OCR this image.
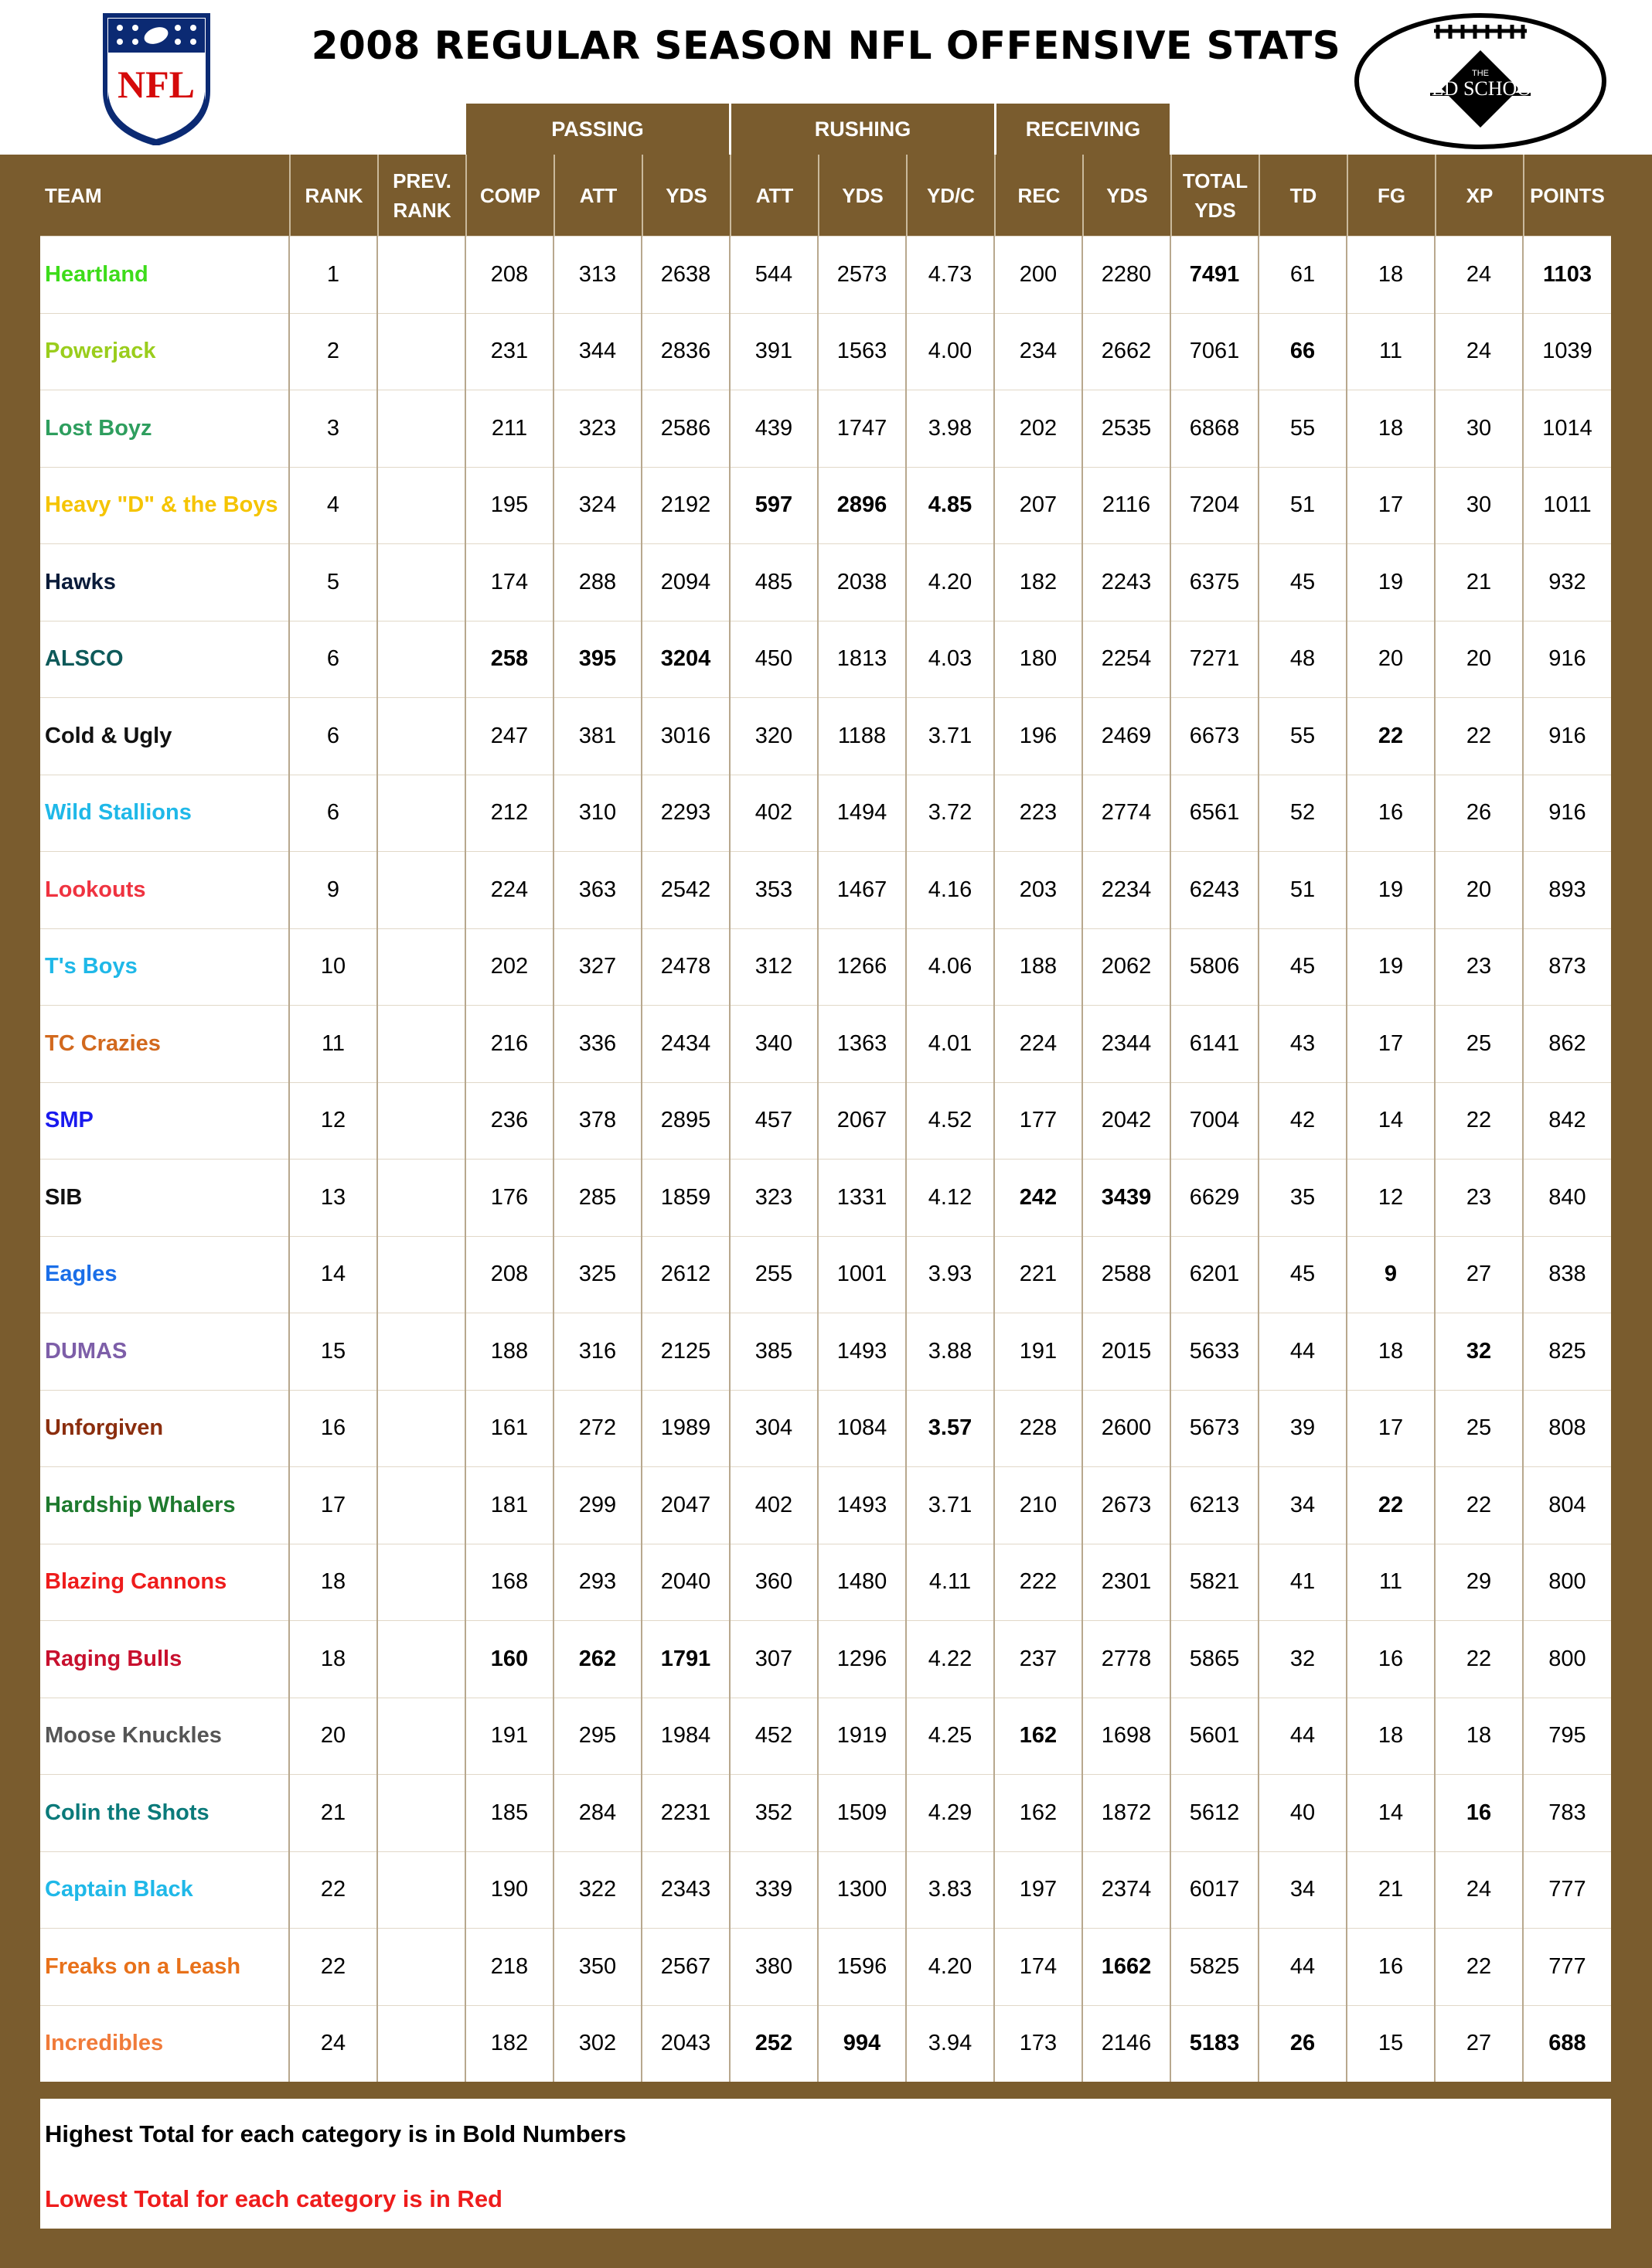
NFL
2008 REGULAR SEASON NFL OFFENSIVE STATS
THE
OLD SCHOOL
PASSING	RUSHING	RECEIVING
TEAM	RANK
PREV.
RANK
COMP	ATT	YDS	ATT	YDS	YD/C	REC	YDS
TOTAL
YDS
TD	FG	XP	POINTS
Heartland	1		208	313	2638	544	2573	4.73	200	2280	7491	61	18	24	1103
Powerjack	2		231	344	2836	391	1563	4.00	234	2662	7061	66	11	24	1039
Lost Boyz	3		211	323	2586	439	1747	3.98	202	2535	6868	55	18	30	1014
Heavy "D" & the Boys	4		195	324	2192	597	2896	4.85	207	2116	7204	51	17	30	1011
Hawks	5		174	288	2094	485	2038	4.20	182	2243	6375	45	19	21	932
ALSCO	6		258	395	3204	450	1813	4.03	180	2254	7271	48	20	20	916
Cold & Ugly	6		247	381	3016	320	1188	3.71	196	2469	6673	55	22	22	916
Wild Stallions	6		212	310	2293	402	1494	3.72	223	2774	6561	52	16	26	916
Lookouts	9		224	363	2542	353	1467	4.16	203	2234	6243	51	19	20	893
T's Boys	10		202	327	2478	312	1266	4.06	188	2062	5806	45	19	23	873
TC Crazies	11		216	336	2434	340	1363	4.01	224	2344	6141	43	17	25	862
SMP	12		236	378	2895	457	2067	4.52	177	2042	7004	42	14	22	842
SIB	13		176	285	1859	323	1331	4.12	242	3439	6629	35	12	23	840
Eagles	14		208	325	2612	255	1001	3.93	221	2588	6201	45	9	27	838
DUMAS	15		188	316	2125	385	1493	3.88	191	2015	5633	44	18	32	825
Unforgiven	16		161	272	1989	304	1084	3.57	228	2600	5673	39	17	25	808
Hardship Whalers	17		181	299	2047	402	1493	3.71	210	2673	6213	34	22	22	804
Blazing Cannons	18		168	293	2040	360	1480	4.11	222	2301	5821	41	11	29	800
Raging Bulls	18		160	262	1791	307	1296	4.22	237	2778	5865	32	16	22	800
Moose Knuckles	20		191	295	1984	452	1919	4.25	162	1698	5601	44	18	18	795
Colin the Shots	21		185	284	2231	352	1509	4.29	162	1872	5612	40	14	16	783
Captain Black	22		190	322	2343	339	1300	3.83	197	2374	6017	34	21	24	777
Freaks on a Leash	22		218	350	2567	380	1596	4.20	174	1662	5825	44	16	22	777
Incredibles	24		182	302	2043	252	994	3.94	173	2146	5183	26	15	27	688
Highest Total for each category is in Bold Numbers
Lowest Total for each category is in Red
